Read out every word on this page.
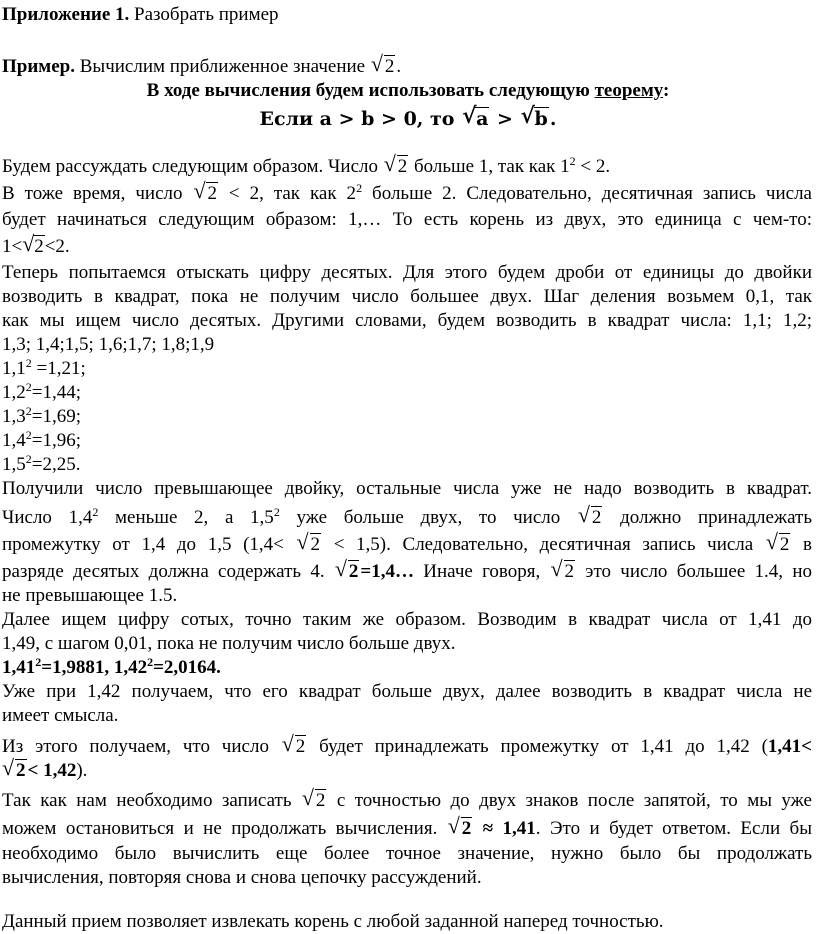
Приложение 1. Разобрать пример
Пример. Вычислим приближенное значение √ 2 .
В ходе вычисления будем использовать следующую теорему:
Если a > b > 0, то √ a > √ b .
Будем рассуждать следующим образом. Число √ 2 больше 1, так как $1^2 < 2$.
В тоже время, число √ 2 < 2, так как $2^2$ больше 2. Следовательно, десятичная запись числа
будет начинаться следующим образом: 1,… То есть корень из двух, это единица с чем-то:
1< √ 2<2.
Теперь попытаемся отыскать цифру десятых. Для этого будем дроби от единицы до двойки
возводить в квадрат, пока не получим число большее двух. Шаг деления возьмем 0,1, так
как мы ищем число десятых. Другими словами, будем возводить в квадрат числа: 1,1; 1,2;
1,3; 1,4;1,5; 1,6;1,7; 1,8;1,9
$1,1^2 =1,21$;
$1,2^2=1,44$;
$1,3^2=1,69$;
$1,4^2=1,96$;
$1,5^2=2,25$.
Получили число превышающее двойку, остальные числа уже не надо возводить в квадрат.
Число $1,4^2$ меньше 2, а $1,5^2$ уже больше двух, то число √ 2 должно принадлежать
промежутку от 1,4 до 1,5 (1,4< √ 2 < 1,5). Следовательно, десятичная запись числа √ 2 в
разряде десятых должна содержать 4. √ 2 =1,4… Иначе говоря, √ 2 это число большее 1.4, но
не превышающее 1.5.
Далее ищем цифру сотых, точно таким же образом. Возводим в квадрат числа от 1,41 до
1,49, с шагом 0,01, пока не получим число больше двух.
$1,41^2=1,9881$, $1,42^2=2,0164$.
Уже при 1,42 получаем, что его квадрат больше двух, далее возводить в квадрат числа не
имеет смысла.
Из этого получаем, что число √ 2 будет принадлежать промежутку от 1,41 до 1,42 (1,41<
√ 2 < 1,42).
Так как нам необходимо записать √ 2 с точностью до двух знаков после запятой, то мы уже
можем остановиться и не продолжать вычисления. √ 2 ≈ 1,41. Это и будет ответом. Если бы
необходимо было вычислить еще более точное значение, нужно было бы продолжать
вычисления, повторяя снова и снова цепочку рассуждений.
Данный прием позволяет извлекать корень с любой заданной наперед точностью.
